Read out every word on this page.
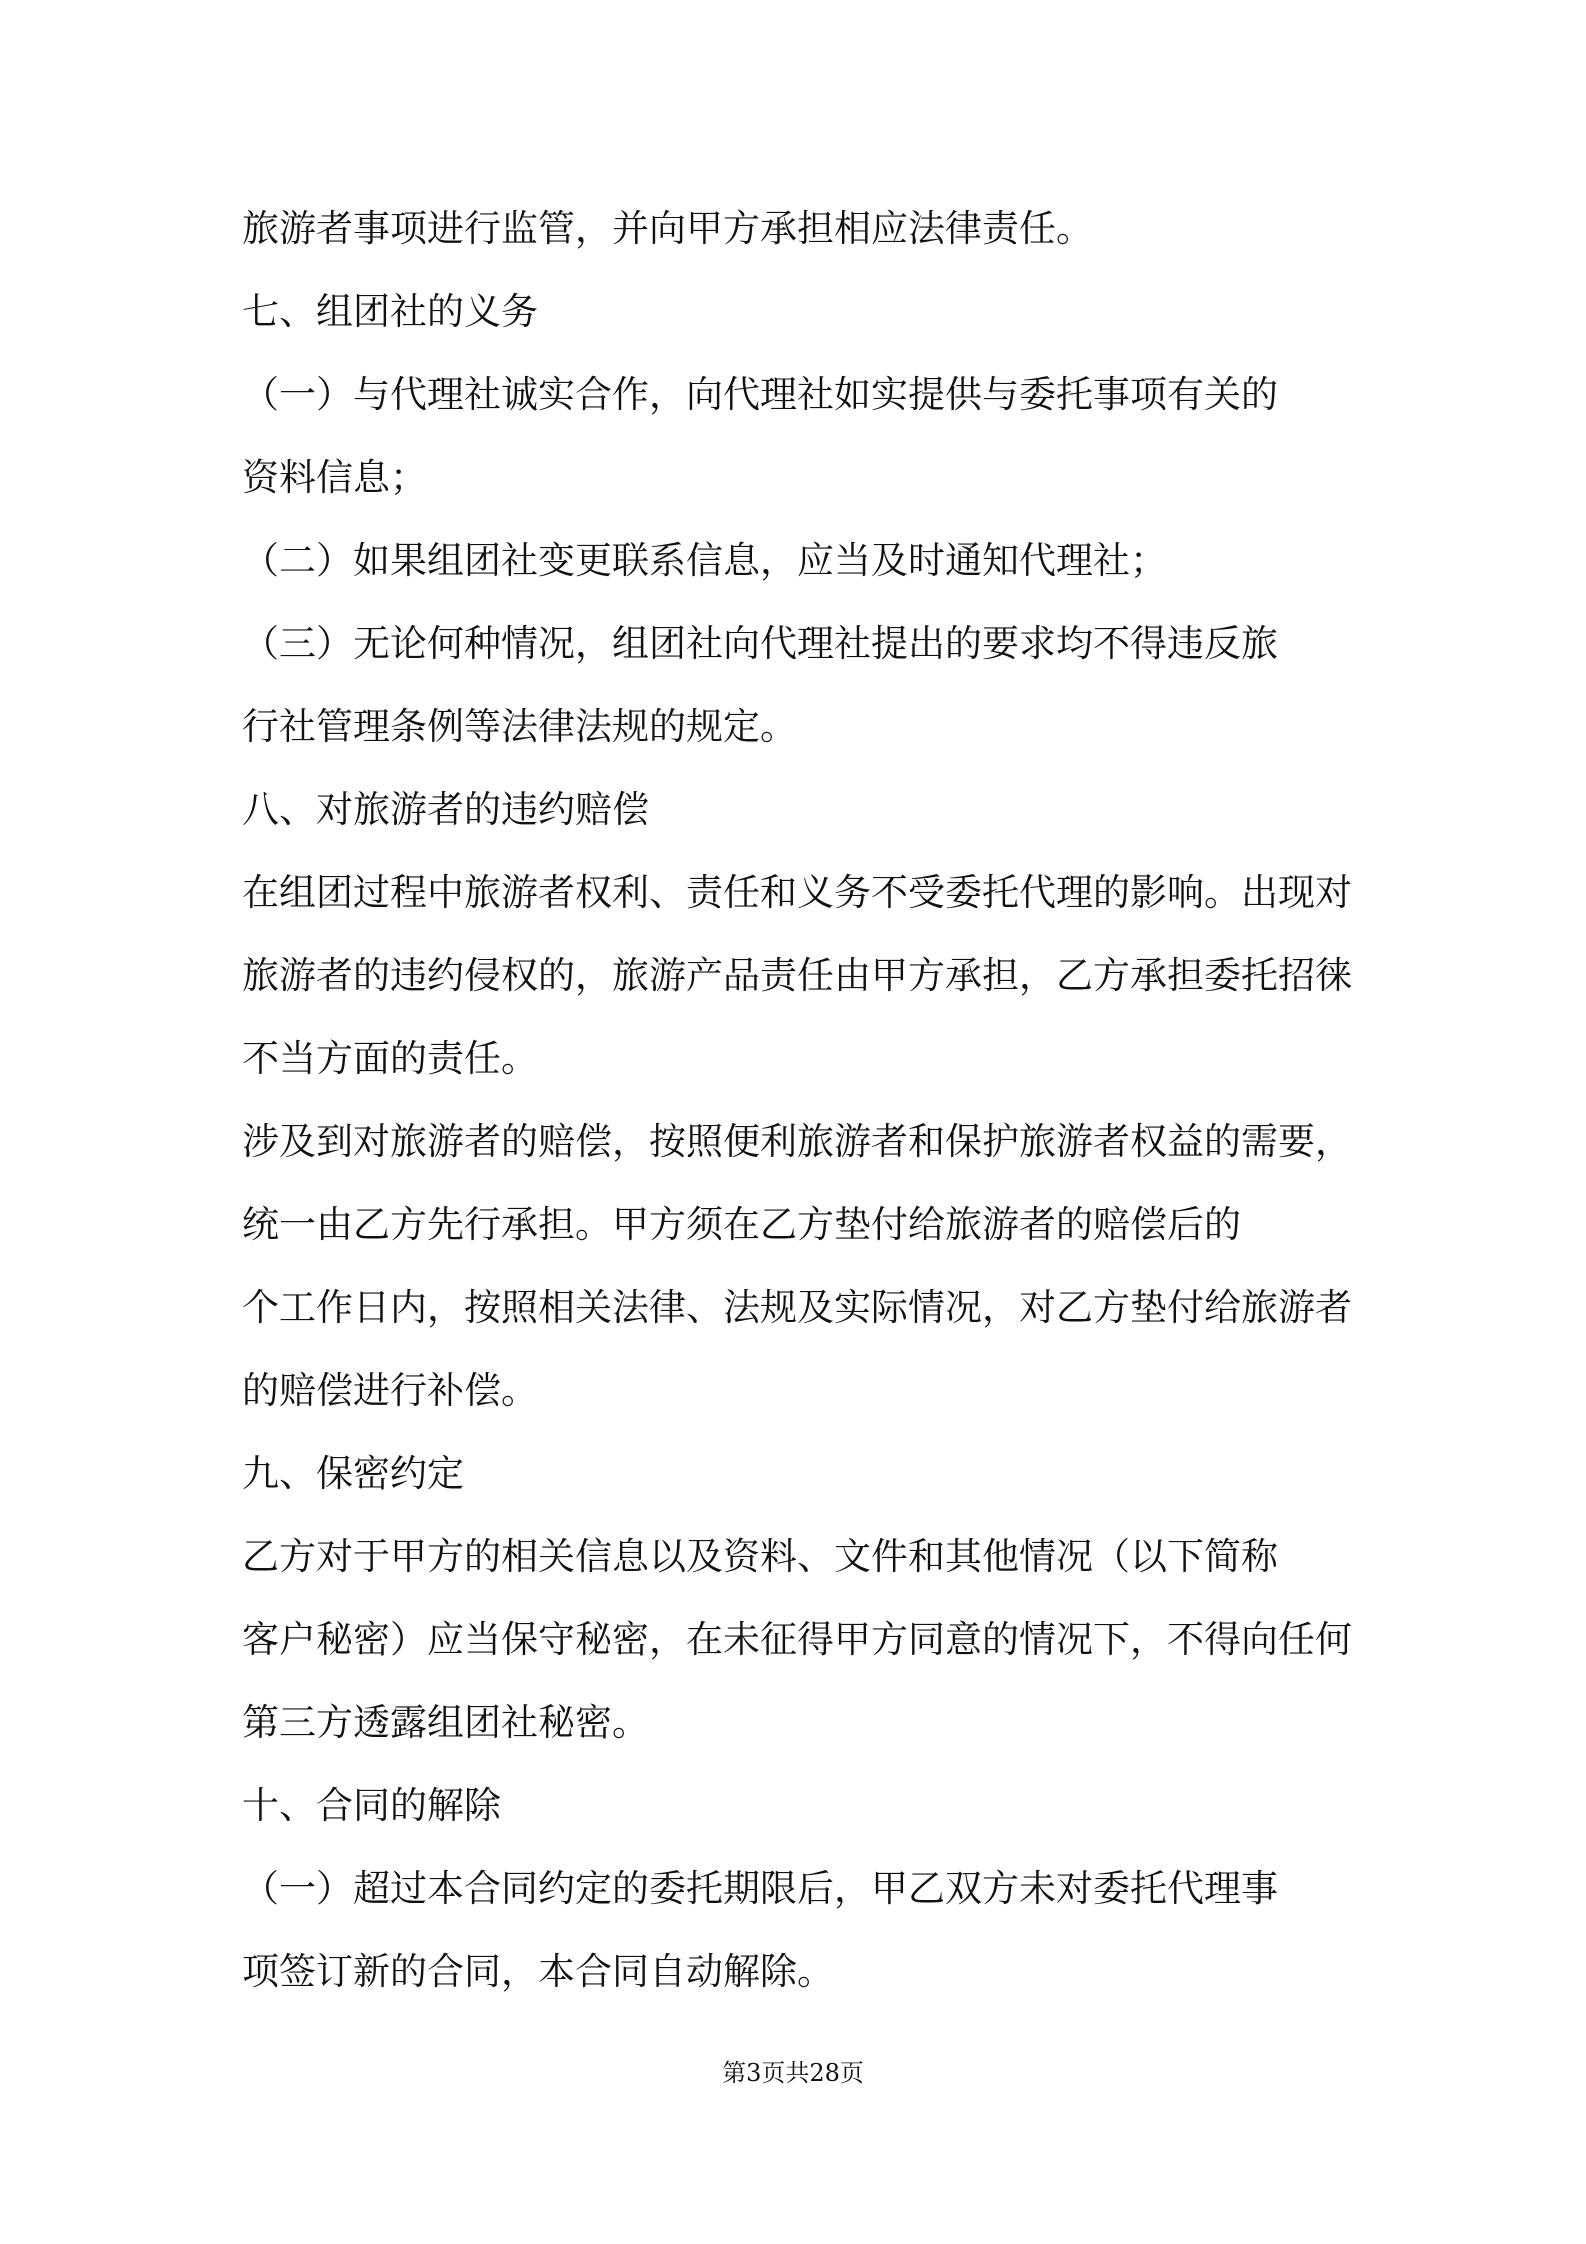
旅游者事项进行监管，并向甲方承担相应法律责任。
七、组团社的义务
（一）与代理社诚实合作，向代理社如实提供与委托事项有关的
资料信息；
（二）如果组团社变更联系信息，应当及时通知代理社；
（三）无论何种情况，组团社向代理社提出的要求均不得违反旅
行社管理条例等法律法规的规定。
八、对旅游者的违约赔偿
在组团过程中旅游者权利、责任和义务不受委托代理的影响。出现对
旅游者的违约侵权的，旅游产品责任由甲方承担，乙方承担委托招徕
不当方面的责任。
涉及到对旅游者的赔偿，按照便利旅游者和保护旅游者权益的需要，
统一由乙方先行承担。甲方须在乙方垫付给旅游者的赔偿后的
个工作日内，按照相关法律、法规及实际情况，对乙方垫付给旅游者
的赔偿进行补偿。
九、保密约定
乙方对于甲方的相关信息以及资料、文件和其他情况（以下简称
客户秘密）应当保守秘密，在未征得甲方同意的情况下，不得向任何
第三方透露组团社秘密。
十、合同的解除
（一）超过本合同约定的委托期限后，甲乙双方未对委托代理事
项签订新的合同，本合同自动解除。
第3页共28页
